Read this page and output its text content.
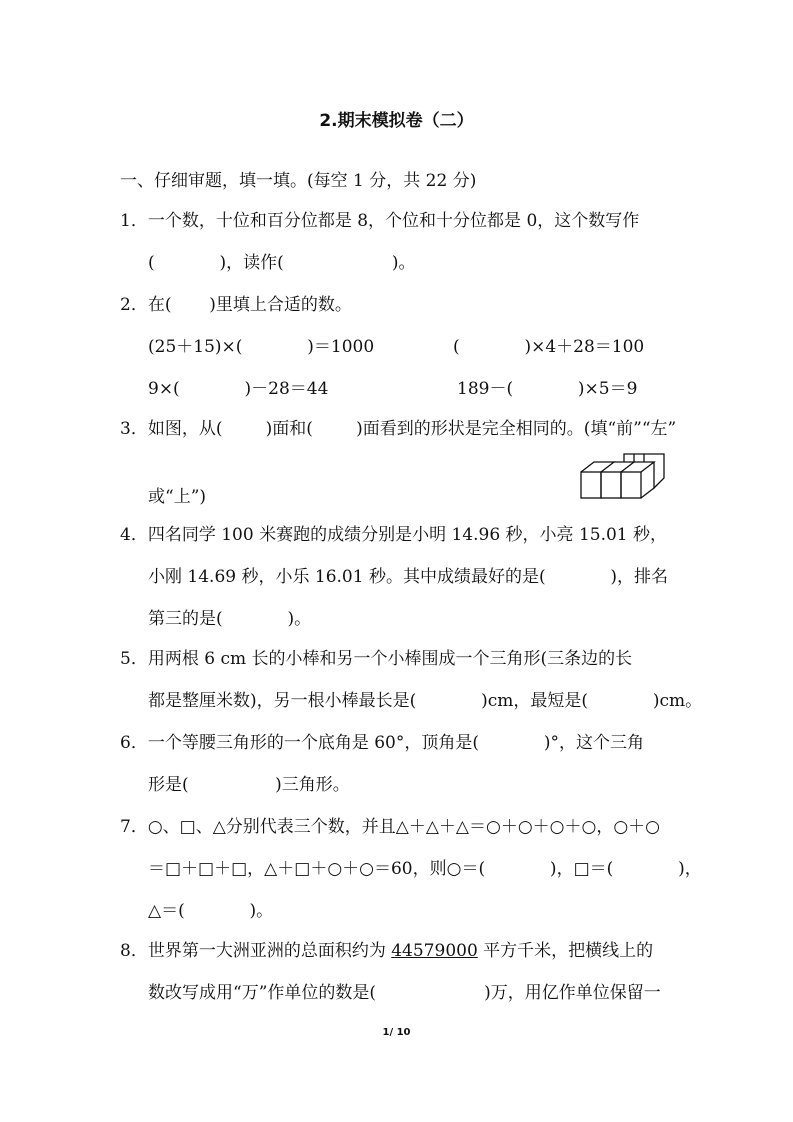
2.期末模拟卷（二）
一、仔细审题，填一填。(每空 1 分，共 22 分)
1．一个数，十位和百分位都是 8，个位和十分位都是 0，这个数写作
(            )，读作(                    )。
2．在(       )里填上合适的数。
(25＋15)×(            )＝1000	(            )×4＋28＝100
9×(            )－28＝44	189－(            )×5＝9
3．如图，从(        )面和(        )面看到的形状是完全相同的。(填“前”“左”
或“上”)
4．四名同学 100 米赛跑的成绩分别是小明 14.96 秒，小亮 15.01 秒，
小刚 14.69 秒，小乐 16.01 秒。其中成绩最好的是(            )，排名
第三的是(            )。
5．用两根 6 cm 长的小棒和另一个小棒围成一个三角形(三条边的长
都是整厘米数)，另一根小棒最长是(            )cm，最短是(            )cm。
6．一个等腰三角形的一个底角是 60°，顶角是(            )°，这个三角
形是(                )三角形。
7．○、□、△分别代表三个数，并且△＋△＋△＝○＋○＋○＋○，○＋○
＝□＋□＋□，△＋□＋○＋○＝60，则○＝(            )，□＝(            )，
△＝(            )。
8．世界第一大洲亚洲的总面积约为 44579000 平方千米，把横线上的
数改写成用“万”作单位的数是(                    )万，用亿作单位保留一
1/ 10
